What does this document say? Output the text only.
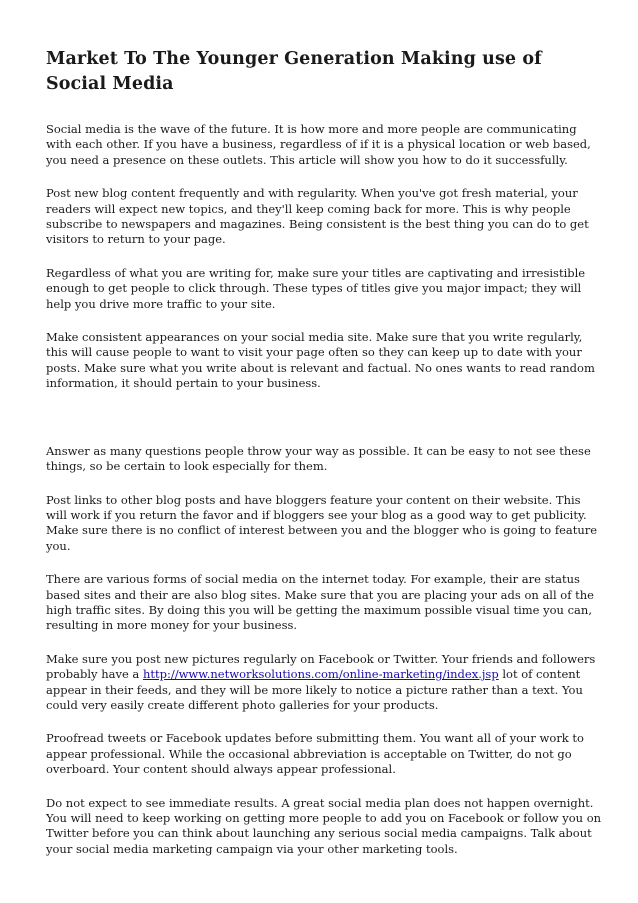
Market To The Younger Generation Making use of Social Media

Social media is the wave of the future. It is how more and more people are communicating with each other. If you have a business, regardless of if it is a physical location or web based, you need a presence on these outlets. This article will show you how to do it successfully.

Post new blog content frequently and with regularity. When you've got fresh material, your readers will expect new topics, and they'll keep coming back for more. This is why people subscribe to newspapers and magazines. Being consistent is the best thing you can do to get visitors to return to your page.

Regardless of what you are writing for, make sure your titles are captivating and irresistible enough to get people to click through. These types of titles give you major impact; they will help you drive more traffic to your site.

Make consistent appearances on your social media site. Make sure that you write regularly, this will cause people to want to visit your page often so they can keep up to date with your posts. Make sure what you write about is relevant and factual. No ones wants to read random information, it should pertain to your business.

Answer as many questions people throw your way as possible. It can be easy to not see these things, so be certain to look especially for them.

Post links to other blog posts and have bloggers feature your content on their website. This will work if you return the favor and if bloggers see your blog as a good way to get publicity. Make sure there is no conflict of interest between you and the blogger who is going to feature you.

There are various forms of social media on the internet today. For example, their are status based sites and their are also blog sites. Make sure that you are placing your ads on all of the high traffic sites. By doing this you will be getting the maximum possible visual time you can, resulting in more money for your business.

Make sure you post new pictures regularly on Facebook or Twitter. Your friends and followers probably have a http://www.networksolutions.com/online-marketing/index.jsp lot of content appear in their feeds, and they will be more likely to notice a picture rather than a text. You could very easily create different photo galleries for your products.

Proofread tweets or Facebook updates before submitting them. You want all of your work to appear professional. While the occasional abbreviation is acceptable on Twitter, do not go overboard. Your content should always appear professional.

Do not expect to see immediate results. A great social media plan does not happen overnight. You will need to keep working on getting more people to add you on Facebook or follow you on Twitter before you can think about launching any serious social media campaigns. Talk about your social media marketing campaign via your other marketing tools.
